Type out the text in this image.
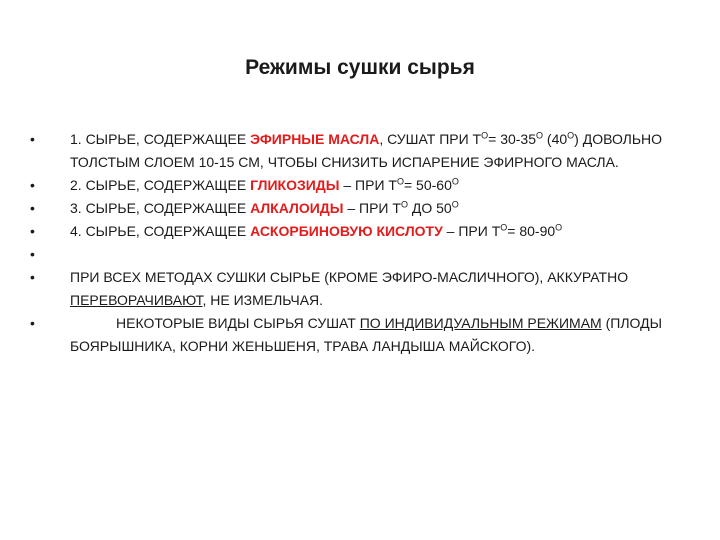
Режимы сушки сырья
•	1. СЫРЬЕ, СОДЕРЖАЩЕЕ ЭФИРНЫЕ МАСЛА, СУШАТ ПРИ $Т^О= 30-35^О$ $(40^О)$ ДОВОЛЬНО ТОЛСТЫМ СЛОЕМ 10-15 СМ, ЧТОБЫ СНИЗИТЬ ИСПАРЕНИЕ ЭФИРНОГО МАСЛА.
•	2. СЫРЬЕ, СОДЕРЖАЩЕЕ ГЛИКОЗИДЫ – ПРИ $Т^О= 50-60^О$
•	3. СЫРЬЕ, СОДЕРЖАЩЕЕ АЛКАЛОИДЫ – ПРИ $Т^О$ ДО $50^О$
•	4. СЫРЬЕ, СОДЕРЖАЩЕЕ АСКОРБИНОВУЮ КИСЛОТУ – ПРИ $Т^О= 80-90^О$
•
•	ПРИ ВСЕХ МЕТОДАХ СУШКИ СЫРЬЕ (КРОМЕ ЭФИРО-МАСЛИЧНОГО), АККУРАТНО ПЕРЕВОРАЧИВАЮТ, НЕ ИЗМЕЛЬЧАЯ.
•	НЕКОТОРЫЕ ВИДЫ СЫРЬЯ СУШАТ ПО ИНДИВИДУАЛЬНЫМ РЕЖИМАМ (ПЛОДЫ БОЯРЫШНИКА, КОРНИ ЖЕНЬШЕНЯ, ТРАВА ЛАНДЫША МАЙСКОГО).
